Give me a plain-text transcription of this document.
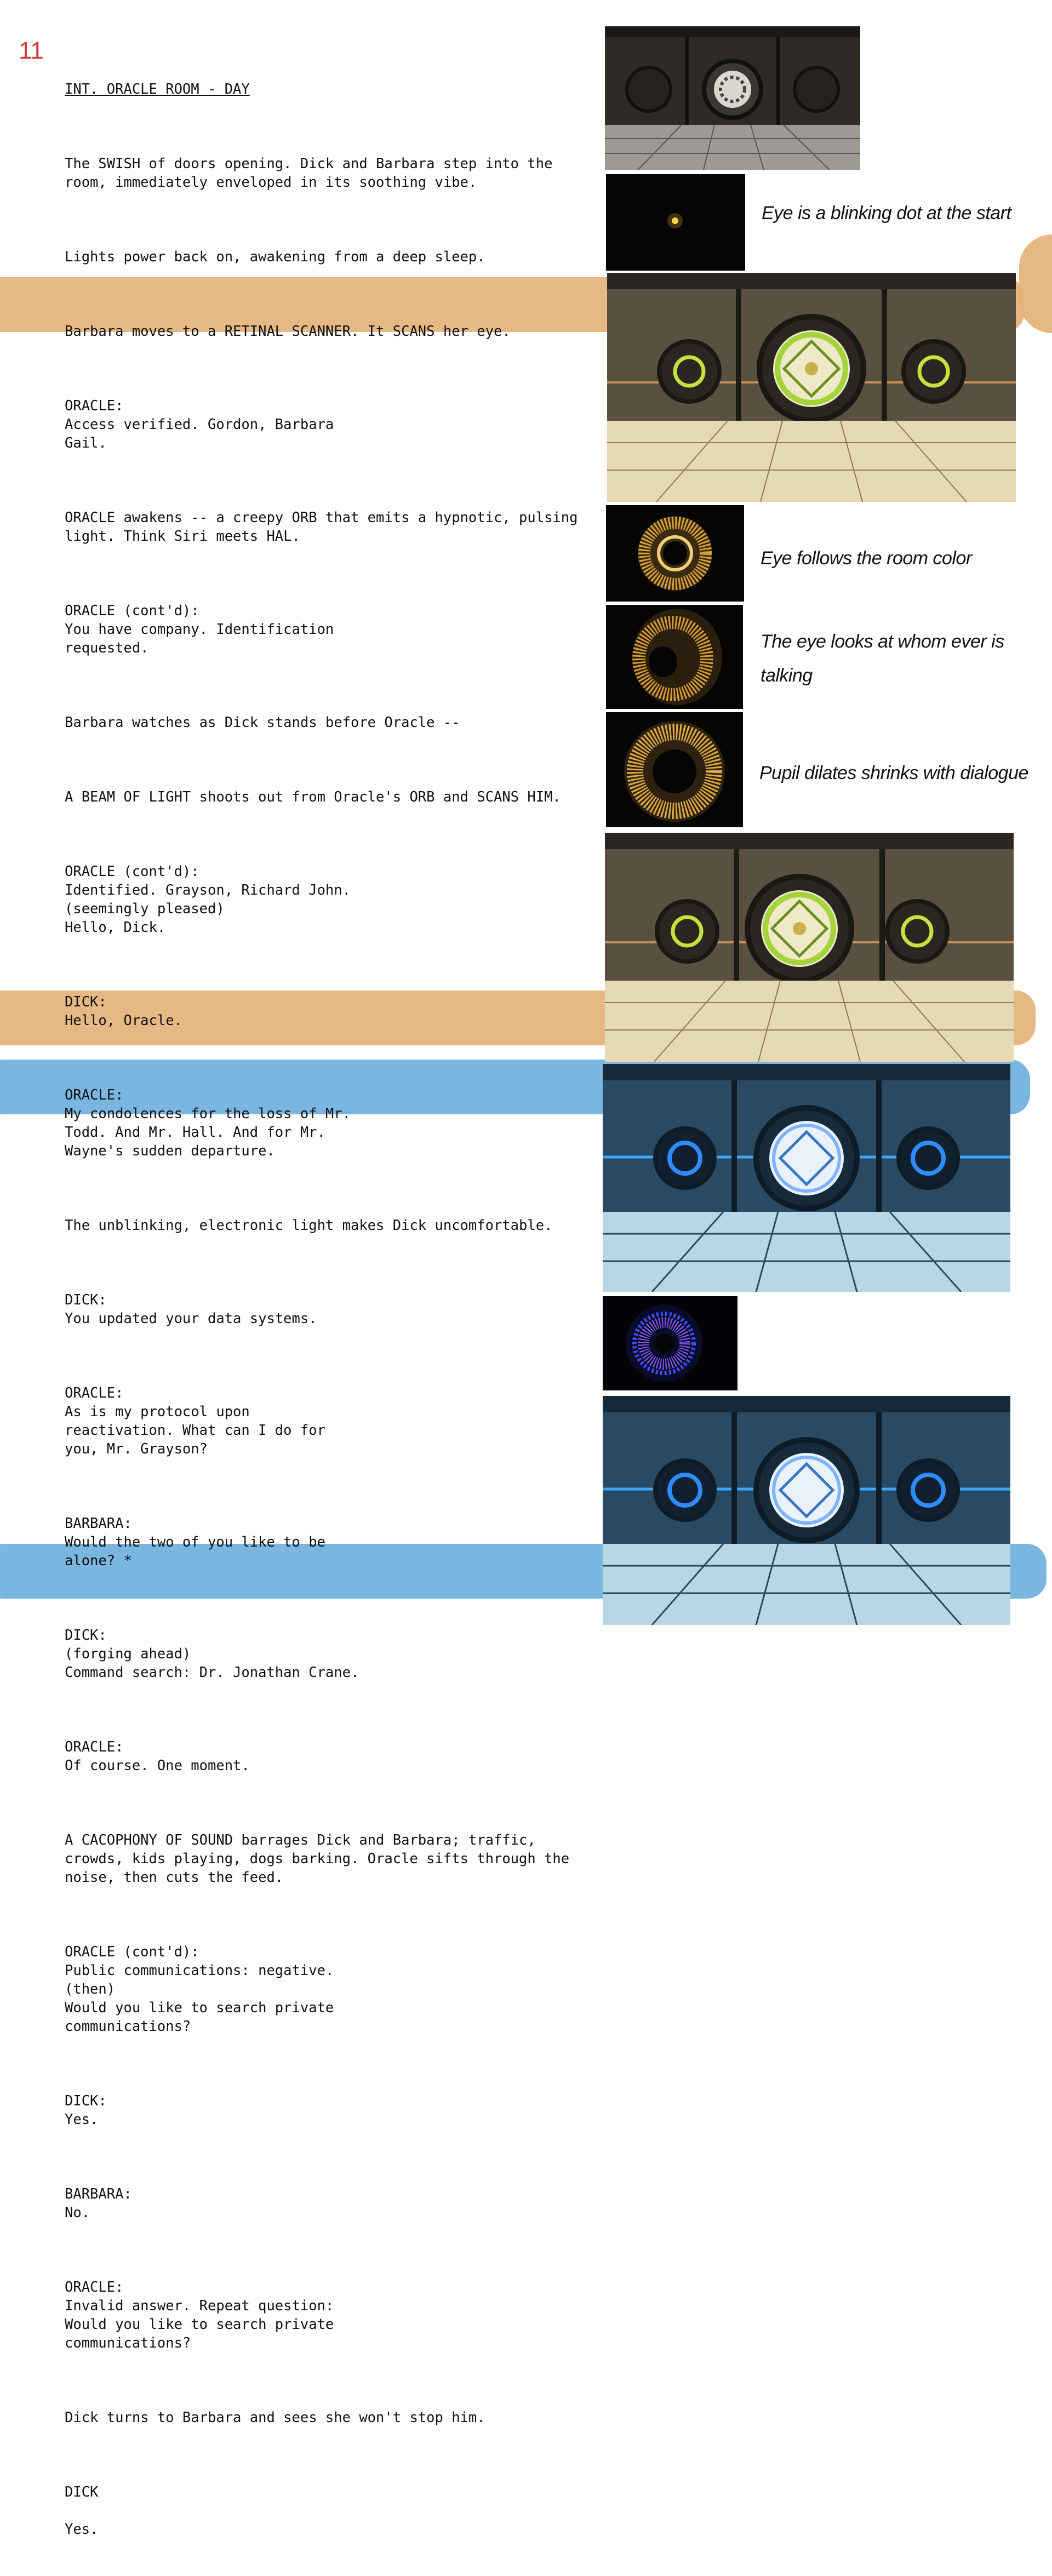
11

INT. ORACLE ROOM - DAY

The SWISH of doors opening. Dick and Barbara step into the
room, immediately enveloped in its soothing vibe.

Lights power back on, awakening from a deep sleep.

Barbara moves to a RETINAL SCANNER. It SCANS her eye.

ORACLE:
Access verified. Gordon, Barbara
Gail.

ORACLE awakens -- a creepy ORB that emits a hypnotic, pulsing
light. Think Siri meets HAL.

ORACLE (cont'd):
You have company. Identification
requested.

Barbara watches as Dick stands before Oracle --

A BEAM OF LIGHT shoots out from Oracle's ORB and SCANS HIM.

ORACLE (cont'd):
Identified. Grayson, Richard John.
(seemingly pleased)
Hello, Dick.

DICK:
Hello, Oracle.

ORACLE:
My condolences for the loss of Mr.
Todd. And Mr. Hall. And for Mr.
Wayne's sudden departure.

The unblinking, electronic light makes Dick uncomfortable.

DICK:
You updated your data systems.

ORACLE:
As is my protocol upon
reactivation. What can I do for
you, Mr. Grayson?

BARBARA:
Would the two of you like to be
alone? *

DICK:
(forging ahead)
Command search: Dr. Jonathan Crane.

ORACLE:
Of course. One moment.

A CACOPHONY OF SOUND barrages Dick and Barbara; traffic,
crowds, kids playing, dogs barking. Oracle sifts through the
noise, then cuts the feed.

ORACLE (cont'd):
Public communications: negative.
(then)
Would you like to search private
communications?

DICK:
Yes.

BARBARA:
No.

ORACLE:
Invalid answer. Repeat question:
Would you like to search private
communications?

Dick turns to Barbara and sees she won't stop him.

DICK

Yes.

Eye is a blinking dot at the start
Eye follows the room color
The eye looks at whom ever is
talking
Pupil dilates shrinks with dialogue
